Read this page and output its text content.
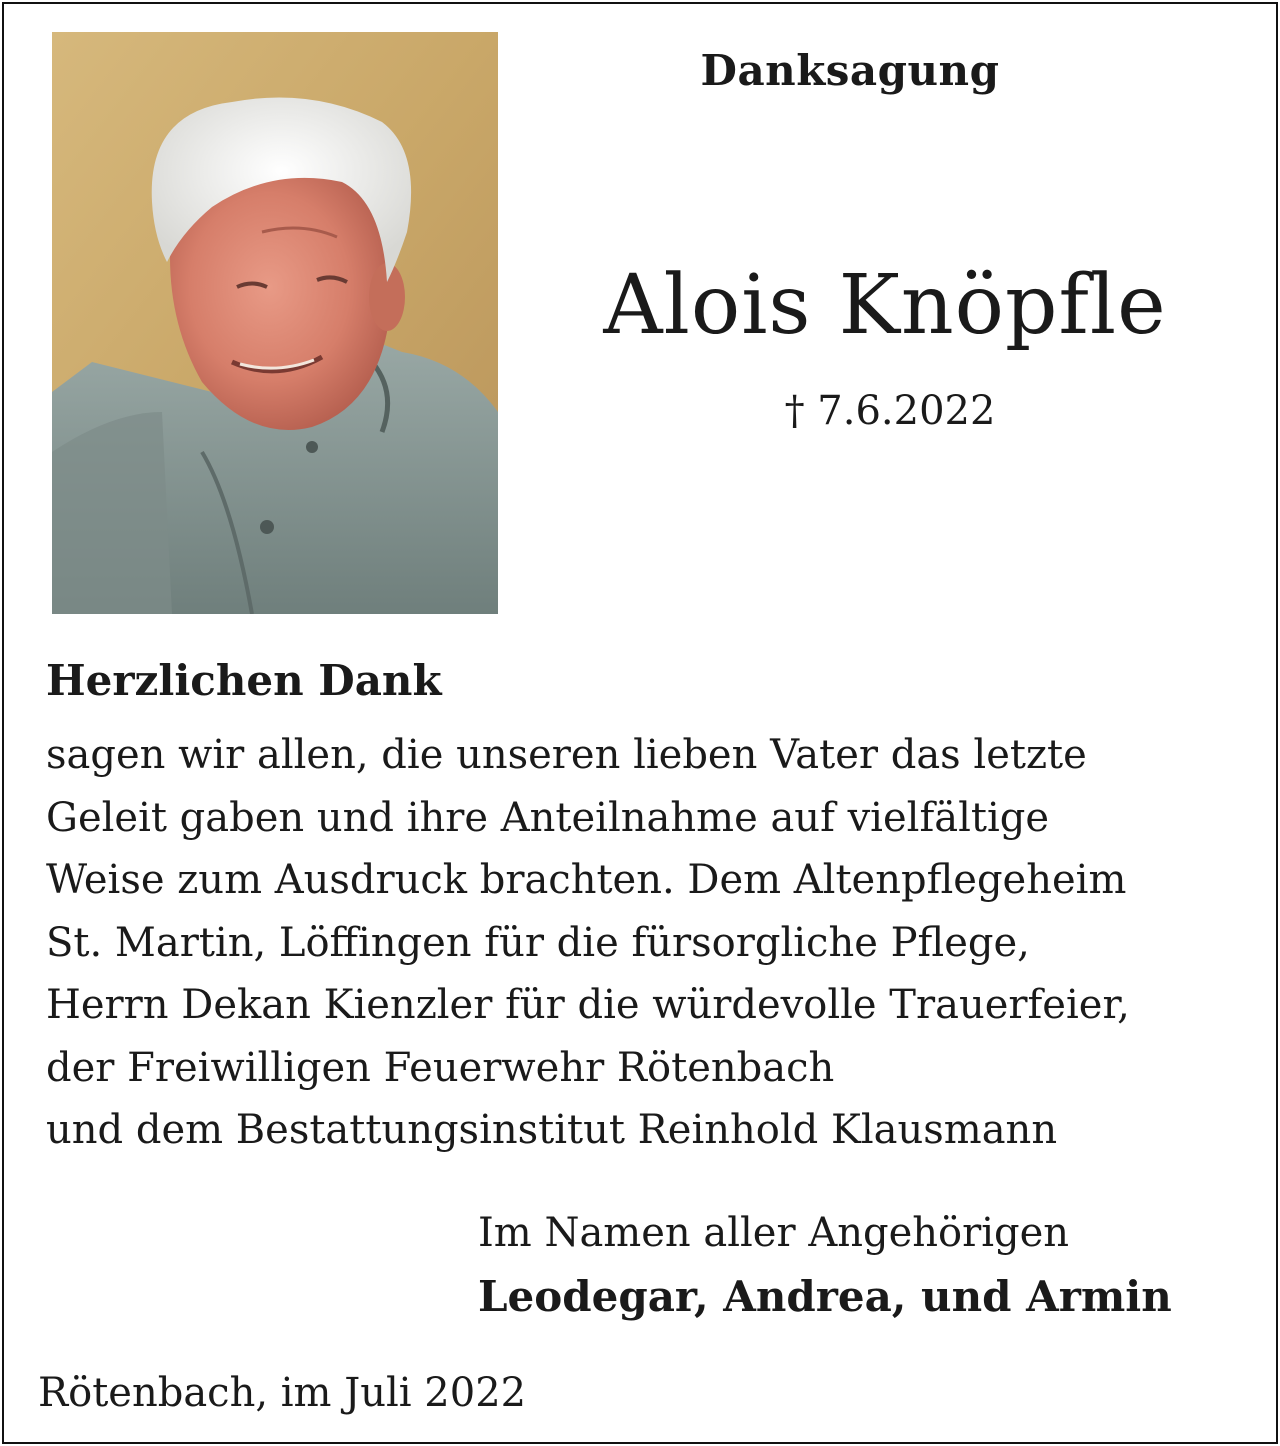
Danksagung
Alois Knöpfle
† 7.6.2022
Herzlichen Dank
sagen wir allen, die unseren lieben Vater das letzte
Geleit gaben und ihre Anteilnahme auf vielfältige
Weise zum Ausdruck brachten. Dem Altenpflegeheim
St. Martin, Löffingen für die fürsorgliche Pflege,
Herrn Dekan Kienzler für die würdevolle Trauerfeier,
der Freiwilligen Feuerwehr Rötenbach
und dem Bestattungsinstitut Reinhold Klausmann
Im Namen aller Angehörigen
Leodegar, Andrea, und Armin
Rötenbach, im Juli 2022
